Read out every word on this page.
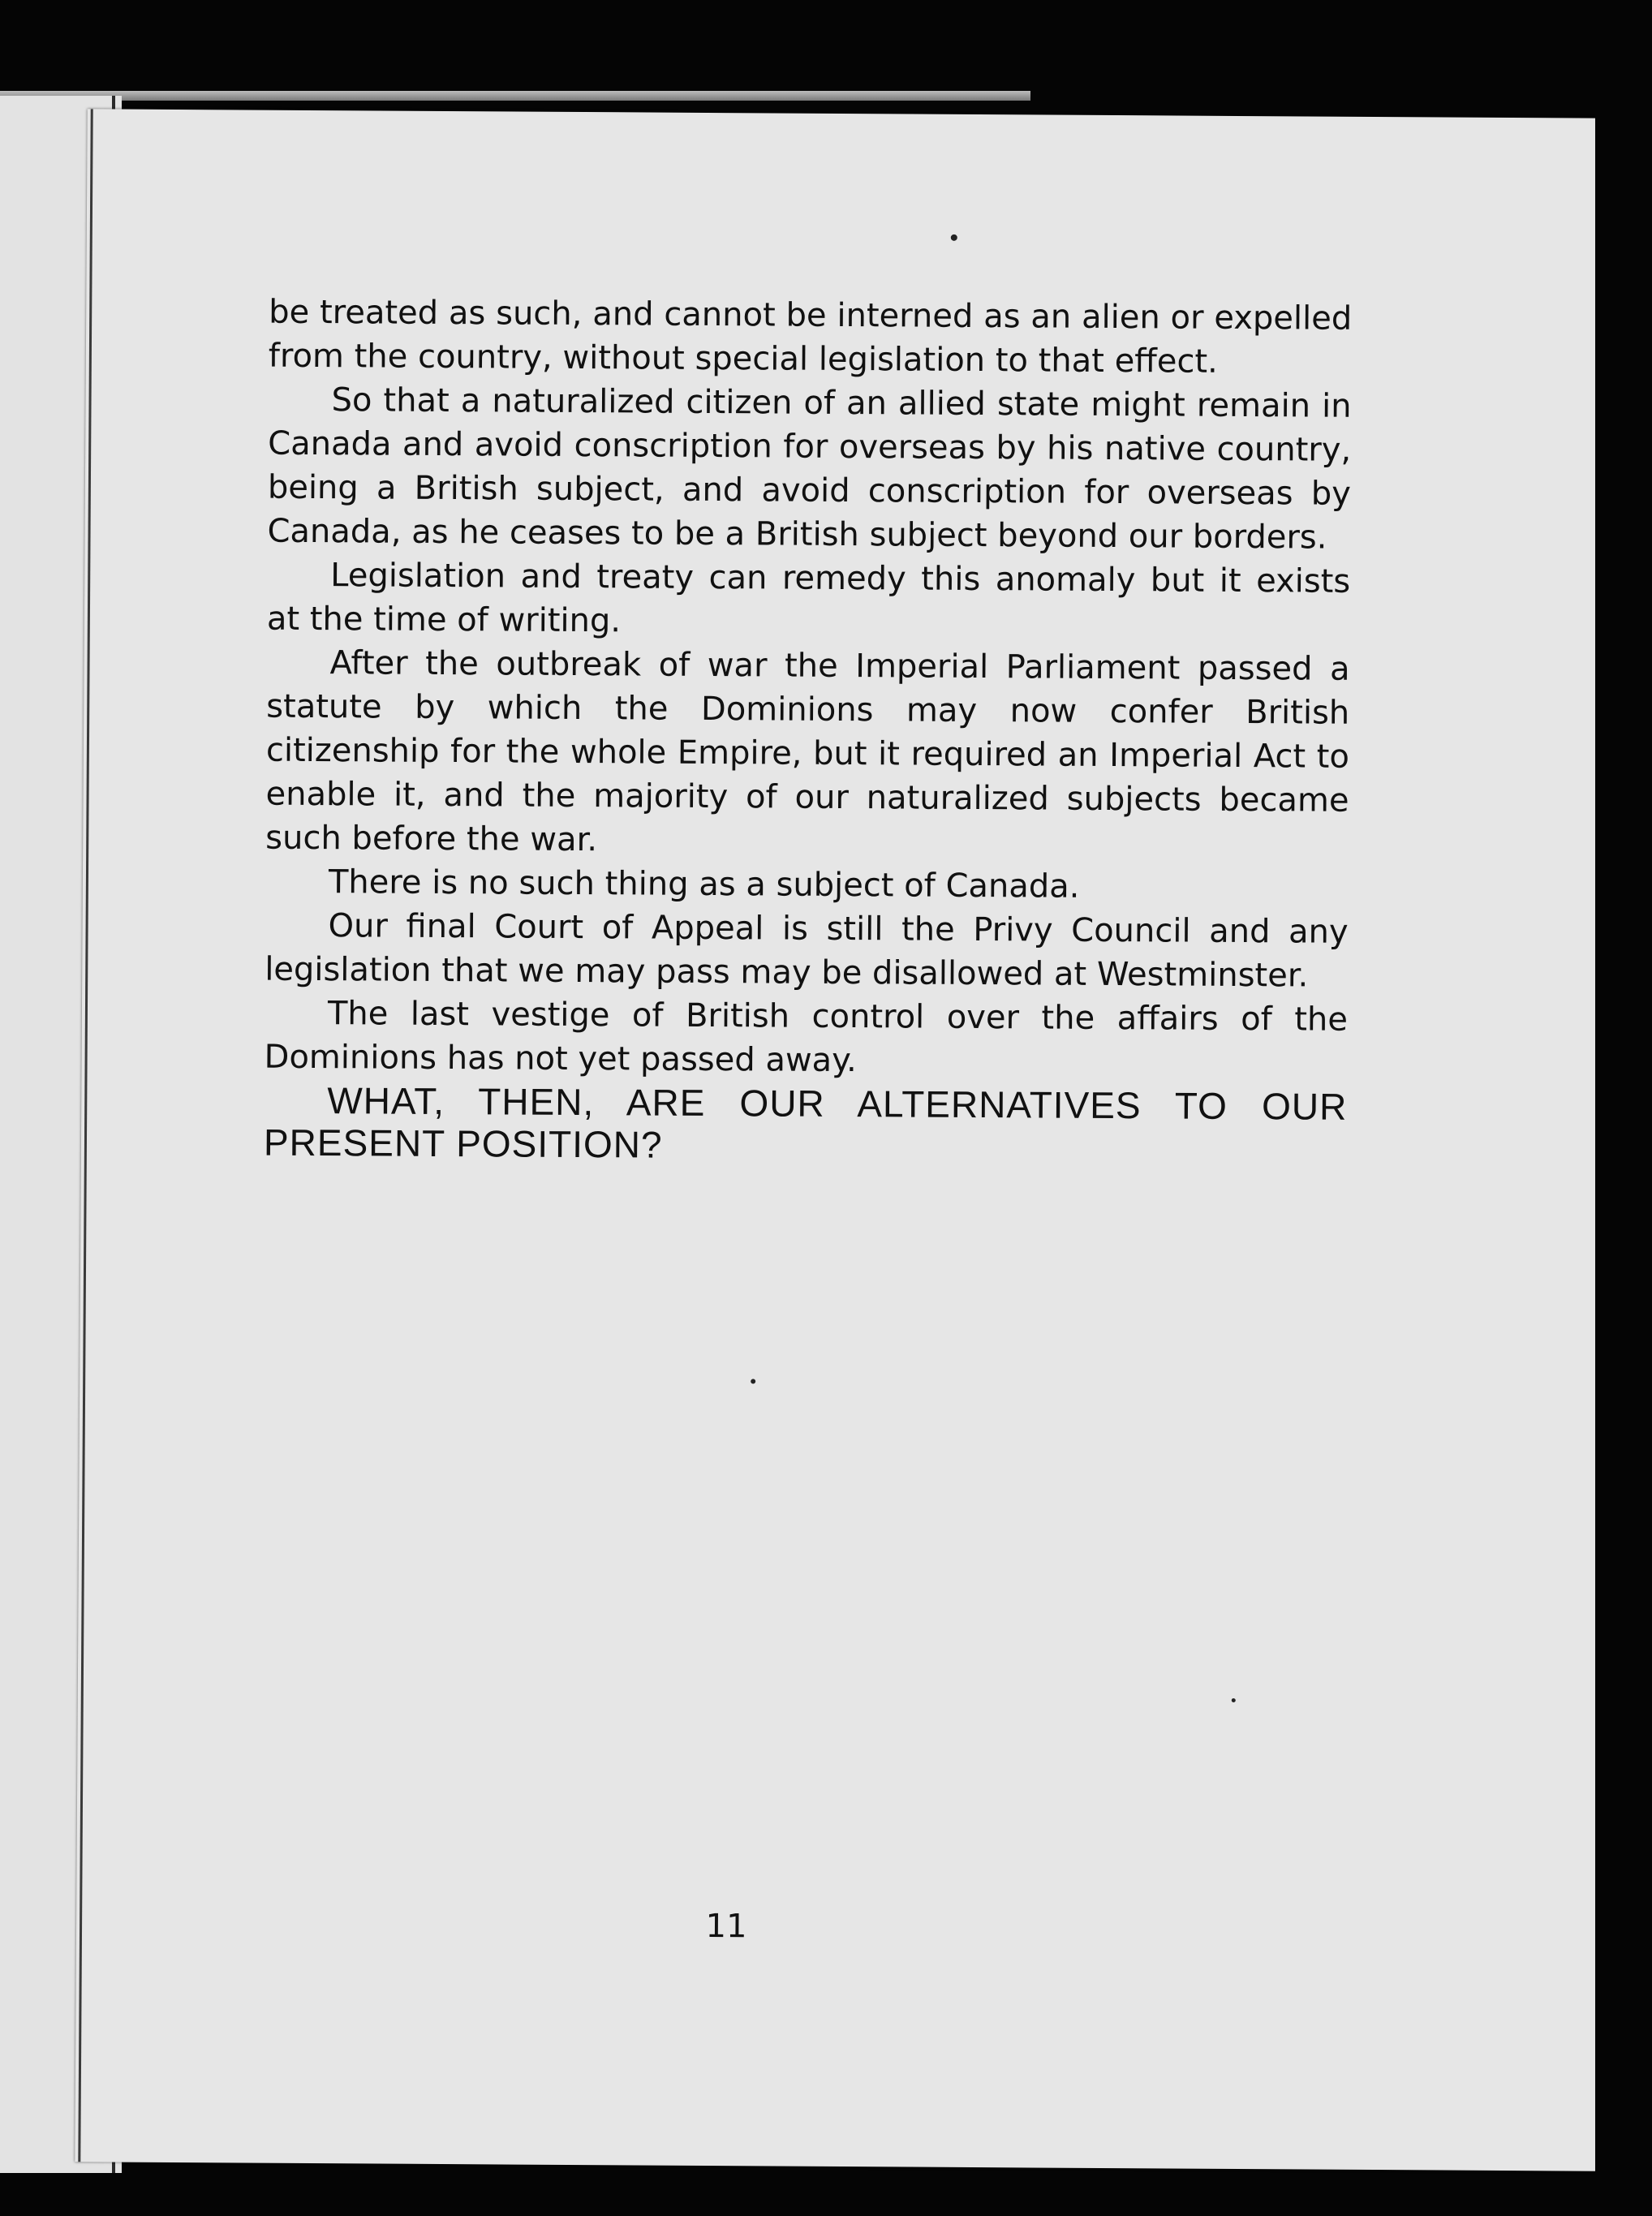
be treated as such, and cannot be interned as an alien or expelled from the country, without special legislation to that effect.

So that a naturalized citizen of an allied state might remain in Canada and avoid conscription for overseas by his native country, being a British subject, and avoid conscription for overseas by Canada, as he ceases to be a British subject beyond our borders.

Legislation and treaty can remedy this anomaly but it exists at the time of writing.

After the outbreak of war the Imperial Parliament passed a statute by which the Dominions may now confer British citizenship for the whole Empire, but it required an Imperial Act to enable it, and the majority of our naturalized subjects became such before the war.

There is no such thing as a subject of Canada.

Our final Court of Appeal is still the Privy Council and any legislation that we may pass may be disallowed at Westminster.

The last vestige of British control over the affairs of the Dominions has not yet passed away.

WHAT, THEN, ARE OUR ALTERNATIVES TO OUR PRESENT POSITION?

11
